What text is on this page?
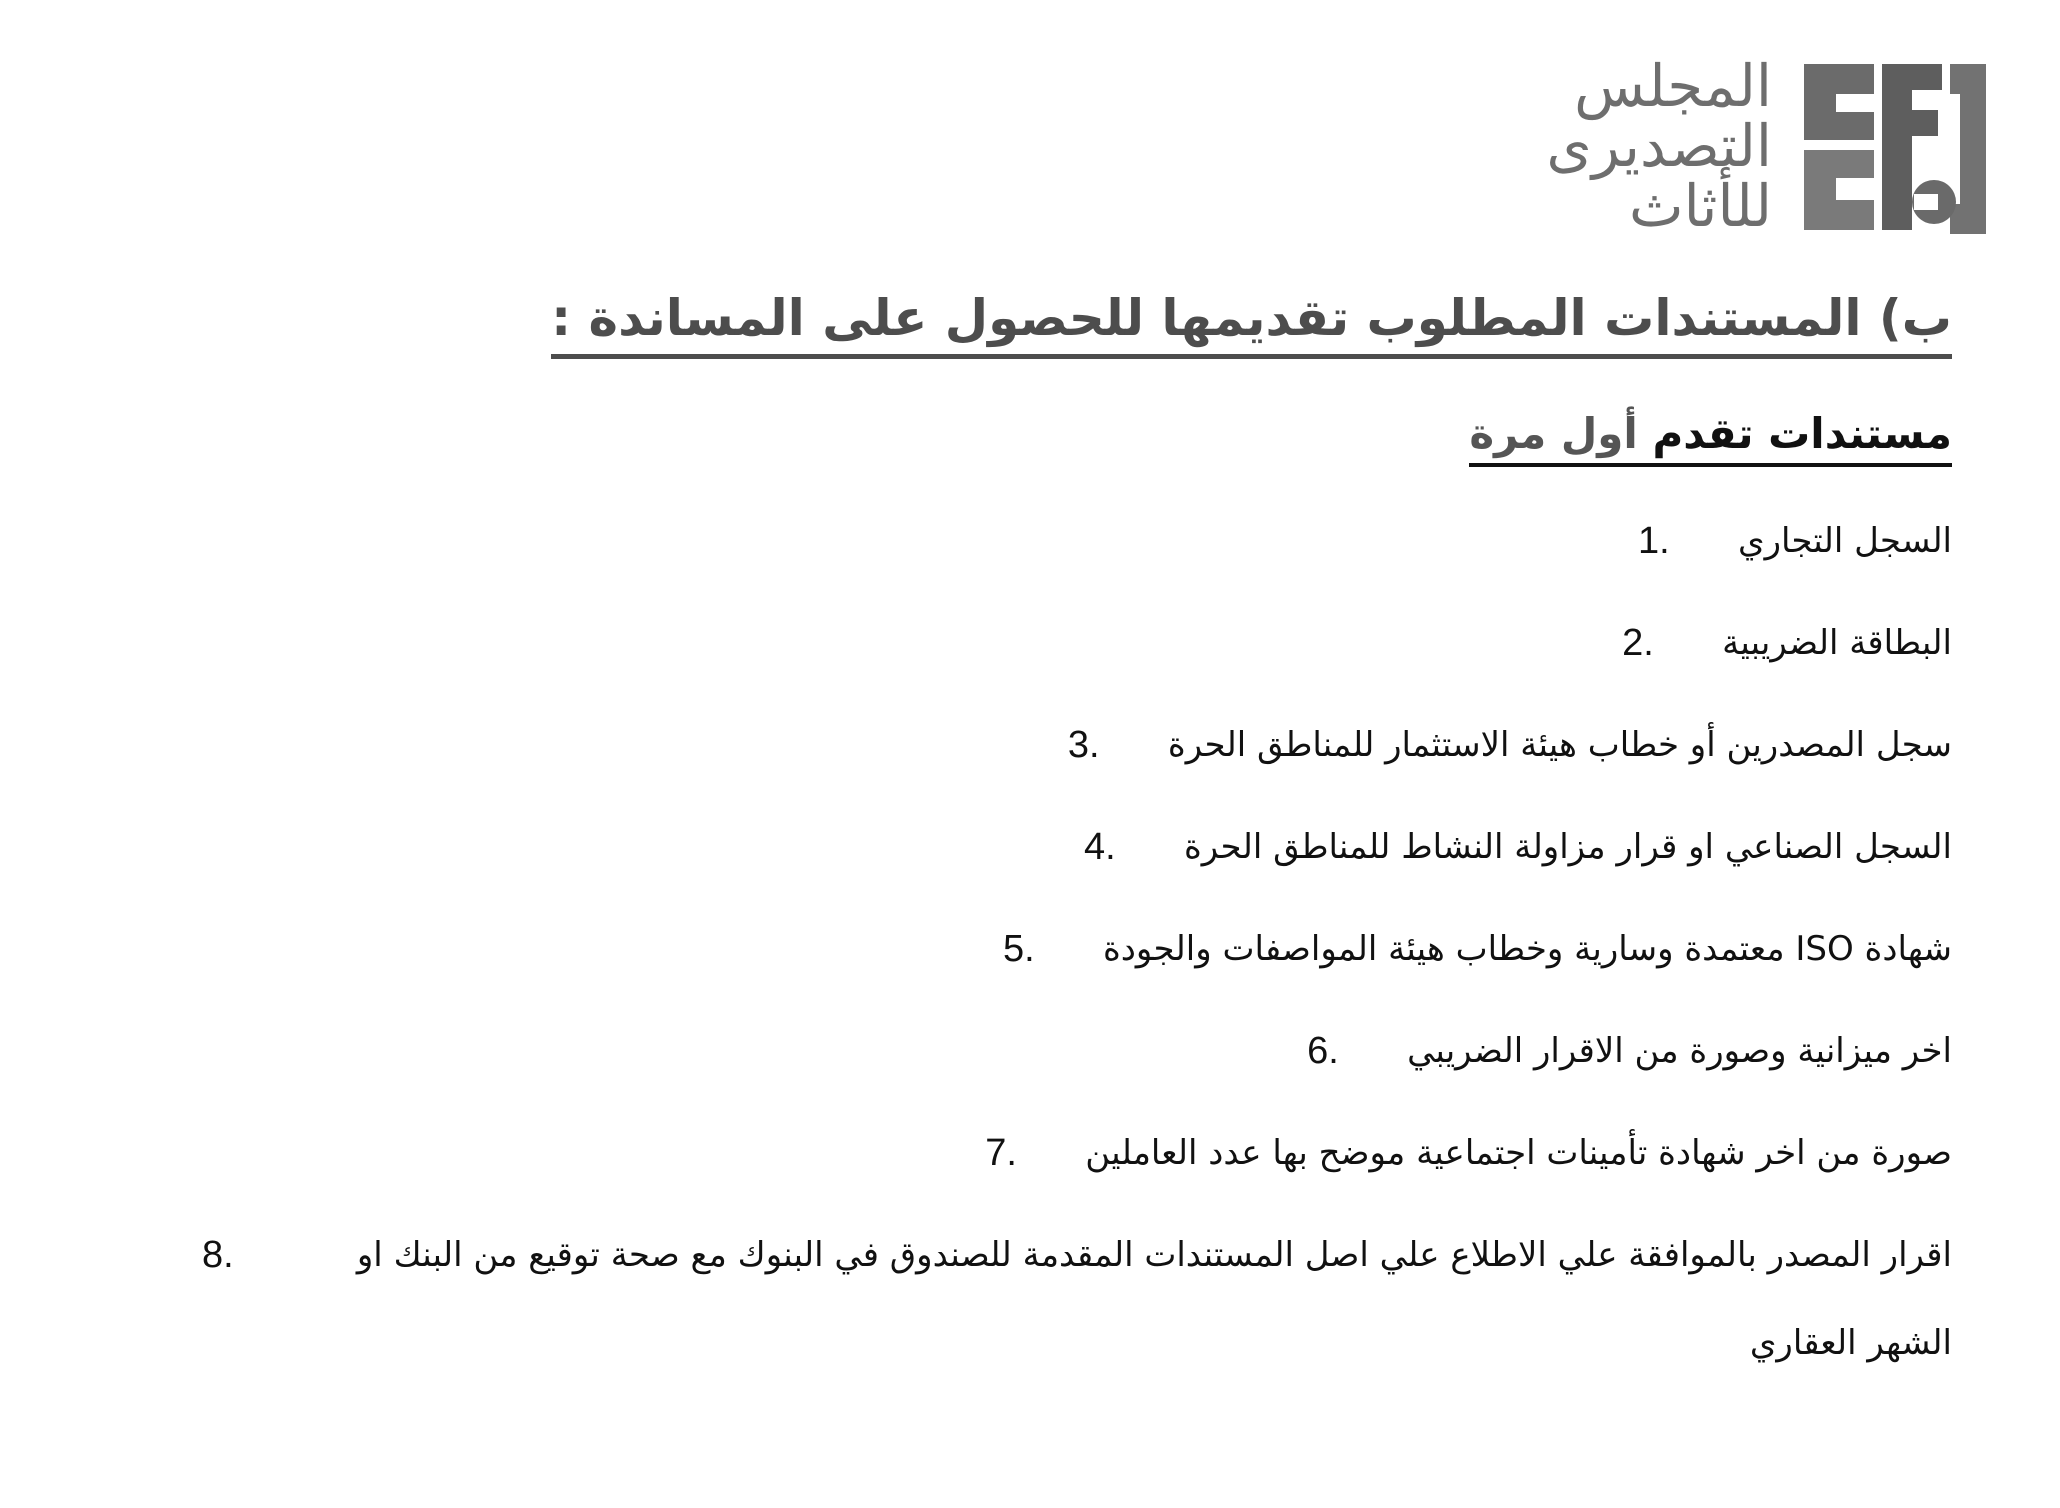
المجلس
التصديرى
للأثاث
ب) المستندات المطلوب تقديمها للحصول على المساندة :
مستندات تقدم أول مرة
السجل التجاري
1.
البطاقة الضريبية
2.
سجل المصدرين أو خطاب هيئة الاستثمار للمناطق الحرة
3.
السجل الصناعي او قرار مزاولة النشاط للمناطق الحرة
4.
شهادة ISO معتمدة وسارية وخطاب هيئة المواصفات والجودة
5.
اخر ميزانية وصورة من الاقرار الضريبي
6.
صورة من اخر شهادة تأمينات اجتماعية موضح بها عدد العاملين
7.
اقرار المصدر بالموافقة علي الاطلاع علي اصل المستندات المقدمة للصندوق في البنوك مع صحة توقيع من البنك او الشهر العقاري
8.
